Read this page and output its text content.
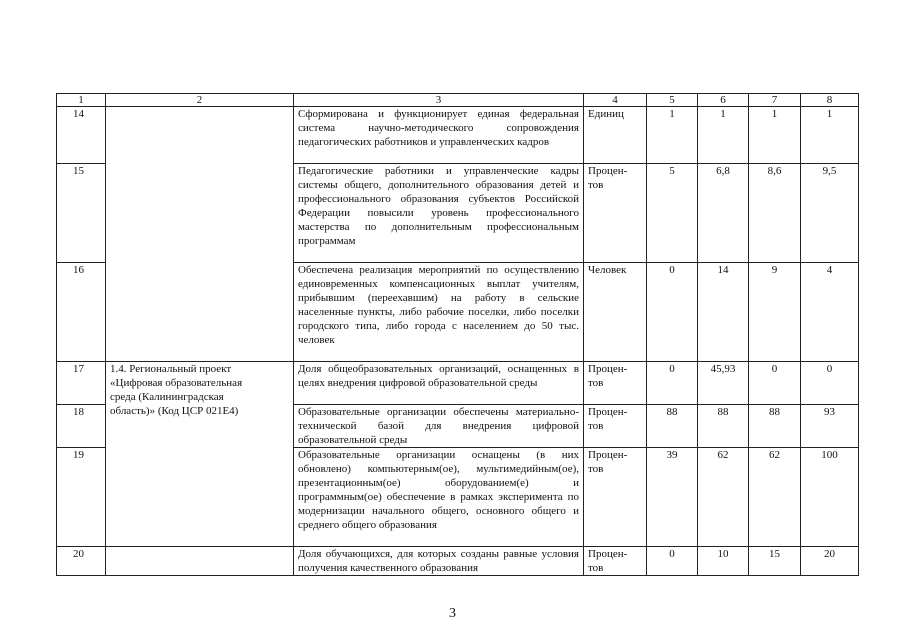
1	2	3	4	5	6	7	8
14		Сформирована и функционирует единая федеральная система научно-методического сопровождения педагогических работников и управленческих кадров	Единиц	1	1	1	1
15		Педагогические работники и управленческие кадры системы общего, дополнительного образования детей и профессионального образования субъектов Российской Федерации повысили уровень профессионального мастерства по дополнительным профессиональным программам	Процен-тов	5	6,8	8,6	9,5
16		Обеспечена реализация мероприятий по осуществлению единовременных компенсационных выплат учителям, прибывшим (переехавшим) на работу в сельские населенные пункты, либо рабочие поселки, либо поселки городского типа, либо города с населением до 50 тыс. человек	Человек	0	14	9	4
17	1.4. Региональный проект «Цифровая образовательная среда (Калининградская область)» (Код ЦСР 021Е4)	Доля общеобразовательных организаций, оснащенных в целях внедрения цифровой образовательной среды	Процен-тов	0	45,93	0	0
18		Образовательные организации обеспечены материально-технической базой для внедрения цифровой образовательной среды	Процен-тов	88	88	88	93
19		Образовательные организации оснащены (в них обновлено) компьютерным(ое), мультимедийным(ое), презентационным(ое) оборудованием(е) и программным(ое) обеспечение в рамках эксперимента по модернизации начального общего, основного общего и среднего общего образования	Процен-тов	39	62	62	100
20		Доля обучающихся, для которых созданы равные условия получения качественного образования	Процен-тов	0	10	15	20
3
